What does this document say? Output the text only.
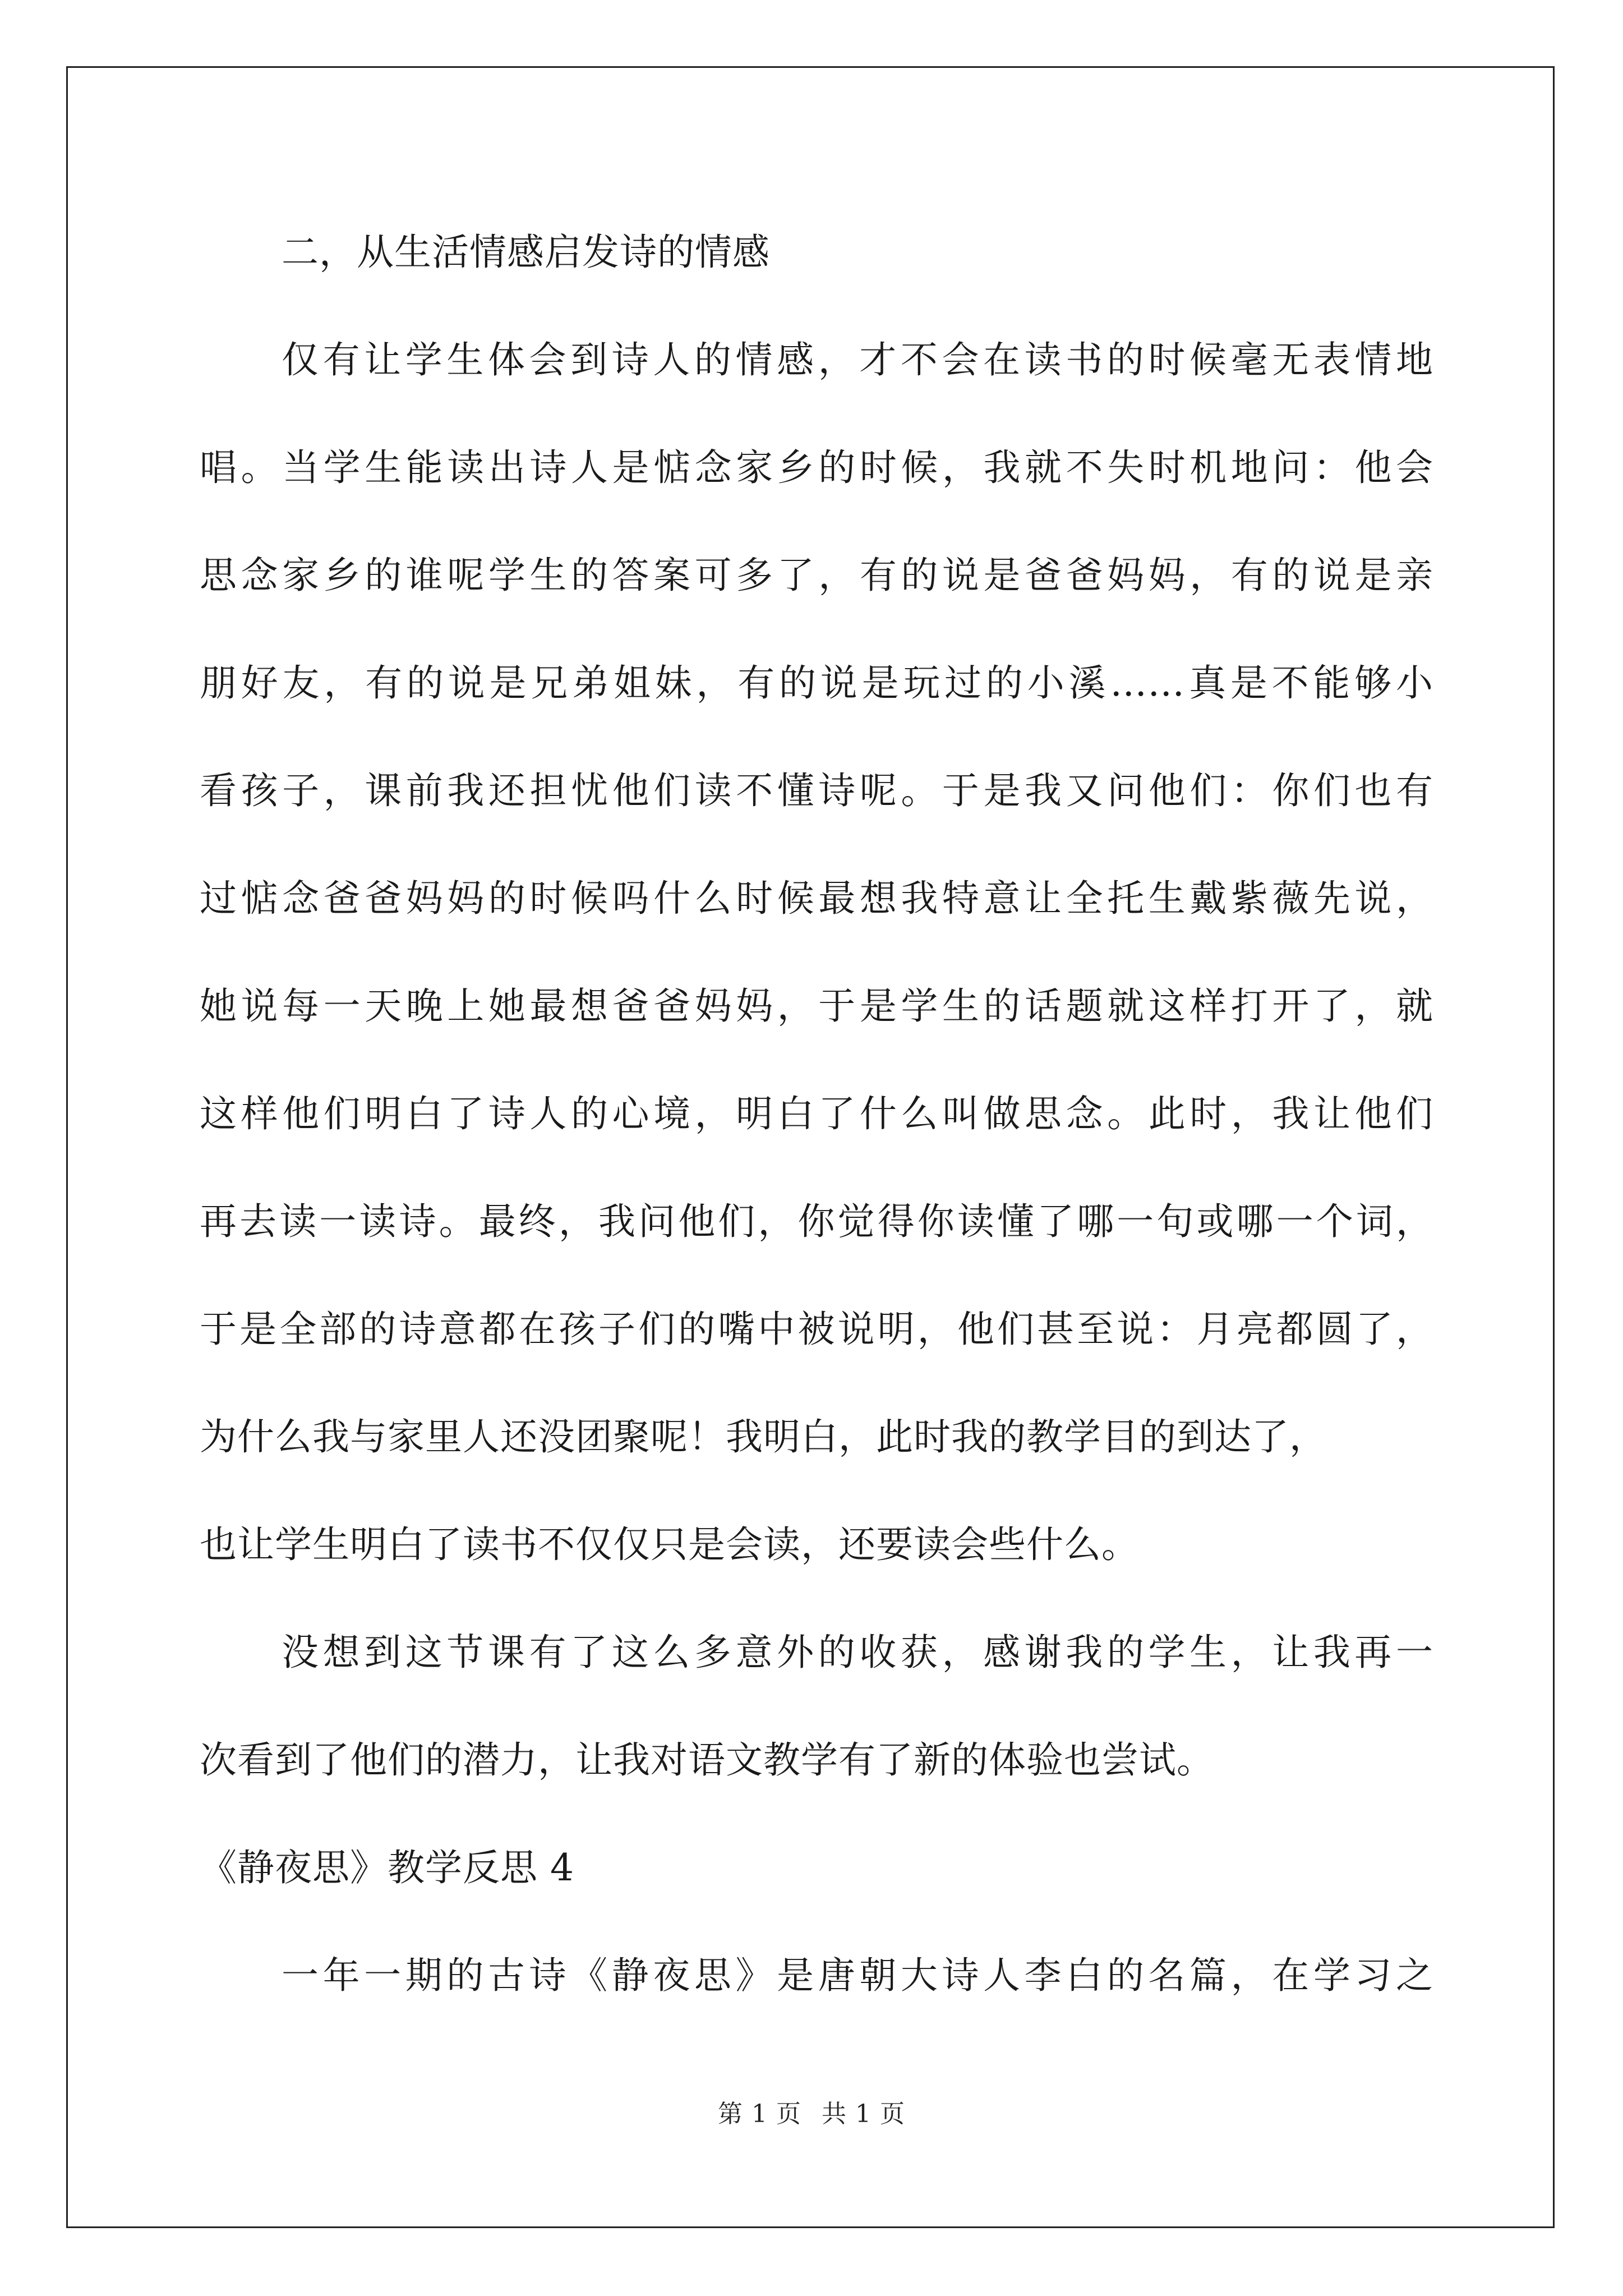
二，从生活情感启发诗的情感
仅有让学生体会到诗人的情感，才不会在读书的时候毫无表情地
唱。当学生能读出诗人是惦念家乡的时候，我就不失时机地问：他会
思念家乡的谁呢学生的答案可多了，有的说是爸爸妈妈，有的说是亲
朋好友，有的说是兄弟姐妹，有的说是玩过的小溪……真是不能够小
看孩子，课前我还担忧他们读不懂诗呢。于是我又问他们：你们也有
过惦念爸爸妈妈的时候吗什么时候最想我特意让全托生戴紫薇先说，
她说每一天晚上她最想爸爸妈妈，于是学生的话题就这样打开了，就
这样他们明白了诗人的心境，明白了什么叫做思念。此时，我让他们
再去读一读诗。最终，我问他们，你觉得你读懂了哪一句或哪一个词，
于是全部的诗意都在孩子们的嘴中被说明，他们甚至说：月亮都圆了，
为什么我与家里人还没团聚呢！我明白，此时我的教学目的到达了，
也让学生明白了读书不仅仅只是会读，还要读会些什么。
没想到这节课有了这么多意外的收获，感谢我的学生，让我再一
次看到了他们的潜力，让我对语文教学有了新的体验也尝试。
《静夜思》教学反思 4
一年一期的古诗《静夜思》是唐朝大诗人李白的名篇，在学习之
第 1 页 共 1 页
